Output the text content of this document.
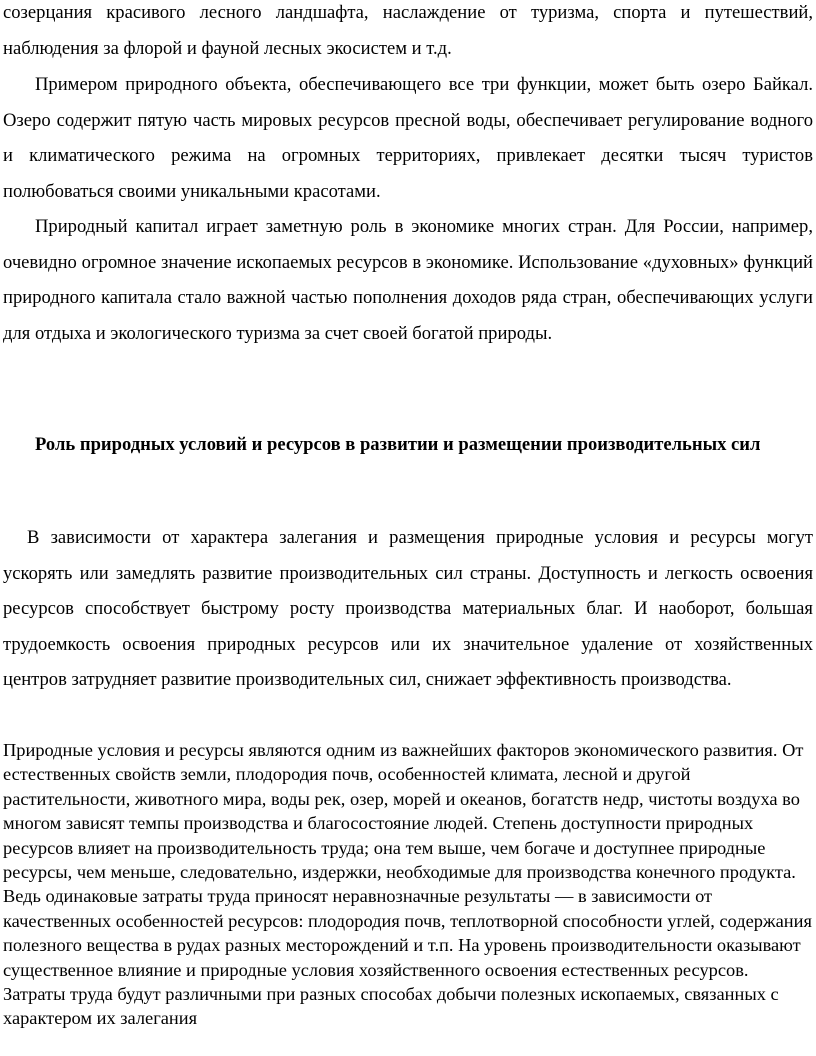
созерцания красивого лесного ландшафта, наслаждение от туризма, спорта и путешествий, наблюдения за флорой и фауной лесных экосистем и т.д.

Примером природного объекта, обеспечивающего все три функции, может быть озеро Байкал. Озеро содержит пятую часть мировых ресурсов пресной воды, обеспечивает регулирование водного и климатического режима на огромных территориях, привлекает десятки тысяч туристов полюбоваться своими уникальными красотами.

Природный капитал играет заметную роль в экономике многих стран. Для России, например, очевидно огромное значение ископаемых ресурсов в экономике. Использование «духовных» функций природного капитала стало важной частью пополнения доходов ряда стран, обеспечивающих услуги для отдыха и экологического туризма за счет своей богатой природы.

Роль природных условий и ресурсов в развитии и размещении производительных сил

В зависимости от характера залегания и размещения природные условия и ресурсы могут ускорять или замедлять развитие производительных сил страны. Доступность и легкость освоения ресурсов способствует быстрому росту производства материальных благ. И наоборот, большая трудоемкость освоения природных ресурсов или их значительное удаление от хозяйственных центров затрудняет развитие производительных сил, снижает эффективность производства.

Природные условия и ресурсы являются одним из важнейших факторов экономического развития. От естественных свойств земли, плодородия почв, особенностей климата, лесной и другой растительности, животного мира, воды рек, озер, морей и океанов, богатств недр, чистоты воздуха во многом зависят темпы производства и благосостояние людей. Степень доступности природных ресурсов влияет на производительность труда; она тем выше, чем богаче и доступнее природные ресурсы, чем меньше, следовательно, издержки, необходимые для производства конечного продукта. Ведь одинаковые затраты труда приносят неравнозначные результаты — в зависимости от качественных особенностей ресурсов: плодородия почв, теплотворной способности углей, содержания полезного вещества в рудах разных месторождений и т.п. На уровень производительности оказывают существенное влияние и природные условия хозяйственного освоения естественных ресурсов. Затраты труда будут различными при разных способах добычи полезных ископаемых, связанных с характером их залегания
